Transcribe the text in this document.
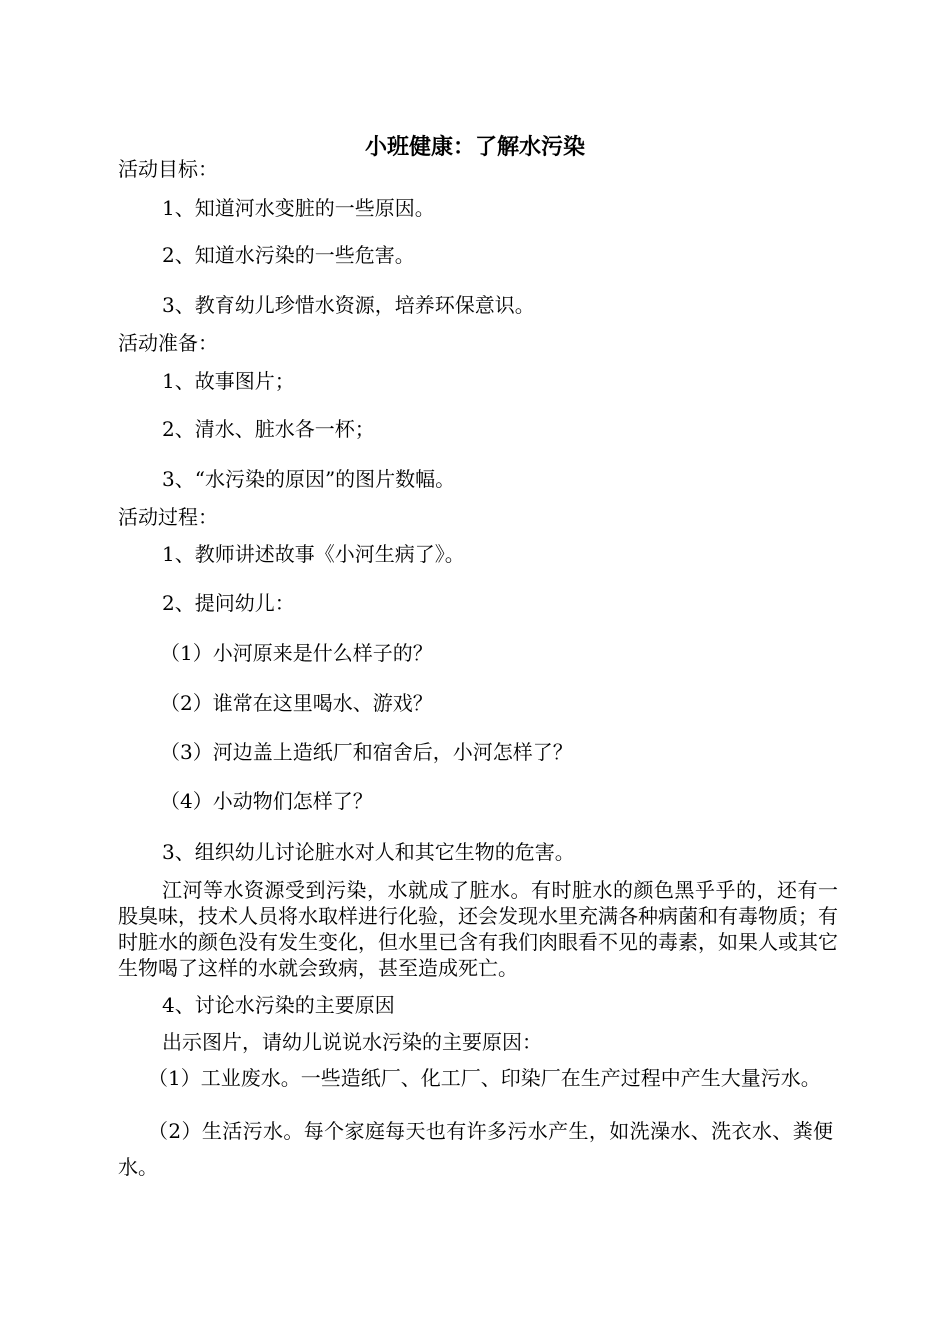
小班健康：了解水污染
活动目标：
1、知道河水变脏的一些原因。
2、知道水污染的一些危害。
3、教育幼儿珍惜水资源，培养环保意识。
活动准备：
1、故事图片；
2、清水、脏水各一杯；
3、“水污染的原因”的图片数幅。
活动过程：
1、教师讲述故事《小河生病了》。
2、提问幼儿：
（1）小河原来是什么样子的？
（2）谁常在这里喝水、游戏？
（3）河边盖上造纸厂和宿舍后，小河怎样了？
（4）小动物们怎样了？
3、组织幼儿讨论脏水对人和其它生物的危害。
江河等水资源受到污染，水就成了脏水。有时脏水的颜色黑乎乎的，还有一股臭味，技术人员将水取样进行化验，还会发现水里充满各种病菌和有毒物质；有时脏水的颜色没有发生变化，但水里已含有我们肉眼看不见的毒素，如果人或其它生物喝了这样的水就会致病，甚至造成死亡。
4、讨论水污染的主要原因
出示图片，请幼儿说说水污染的主要原因：
（1）工业废水。一些造纸厂、化工厂、印染厂在生产过程中产生大量污水。
（2）生活污水。每个家庭每天也有许多污水产生，如洗澡水、洗衣水、粪便水。
